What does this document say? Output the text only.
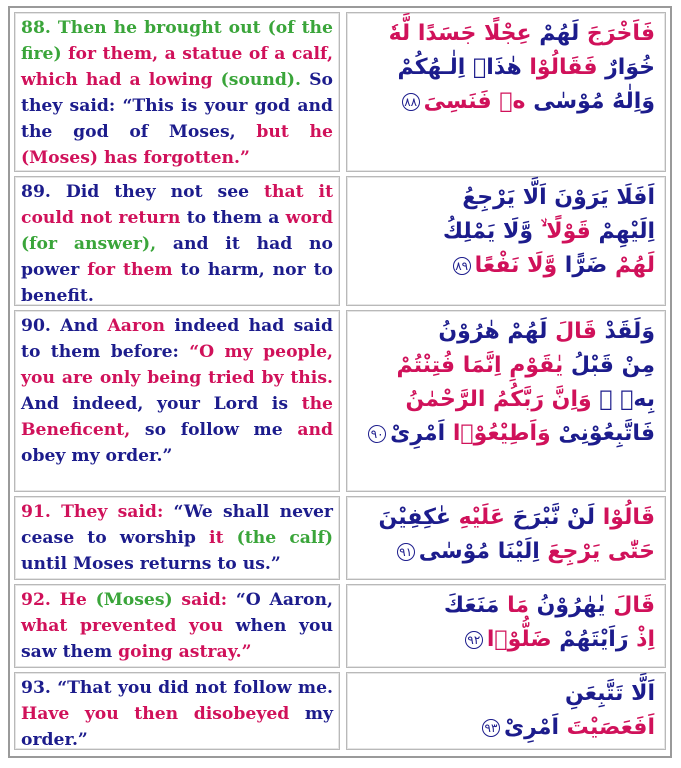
88. Then he brought out (of the fire) for them, a statue of a calf, which had a lowing (sound). So they said: “This is your god and the god of Moses, but he (Moses) has forgotten.”
فَاَخْرَجَ لَهُمْ عِجْلًا جَسَدًا لَّهٗ
خُوَارٌ فَقَالُوْا هٰذَاۤ اِلٰـهُكُمْ
وَاِلٰهُ مُوْسٰى ەۙ فَنَسِىَ٨٨
89. Did they not see that it could not return to them a word (for answer), and it had no power for them to harm, nor to benefit.
اَفَلَا يَرَوْنَ اَلَّا يَرْجِعُ
اِلَيْهِمْ قَوْلًا ۙ وَّلَا يَمْلِكُ
لَهُمْ ضَرًّا وَّلَا نَفْعًا٨٩
90. And Aaron indeed had said to them before: “O my people, you are only being tried by this. And indeed, your Lord is the Beneficent, so follow me and obey my order.”
وَلَقَدْ قَالَ لَهُمْ هٰرُوْنُ
مِنْ قَبْلُ يٰقَوْمِ اِنَّمَا فُتِنْتُمْ
بِهٖ ۚ وَاِنَّ رَبَّكُمُ الرَّحْمٰنُ
فَاتَّبِعُوْنِىْ وَاَطِيْعُوْۤا اَمْرِىْ٩٠
91. They said: “We shall never cease to worship it (the calf) until Moses returns to us.”
قَالُوْا لَنْ نَّبْرَحَ عَلَيْهِ عٰكِفِيْنَ
حَتّٰى يَرْجِعَ اِلَيْنَا مُوْسٰى٩١
92. He (Moses) said: “O Aaron, what prevented you when you saw them going astray.”
قَالَ يٰهٰرُوْنُ مَا مَنَعَكَ
اِذْ رَاَيْتَهُمْ ضَلُّوْۤا٩٢
93. “That you did not follow me. Have you then disobeyed my order.”
اَلَّا تَتَّبِعَنِ
اَفَعَصَيْتَ اَمْرِىْ٩٣
